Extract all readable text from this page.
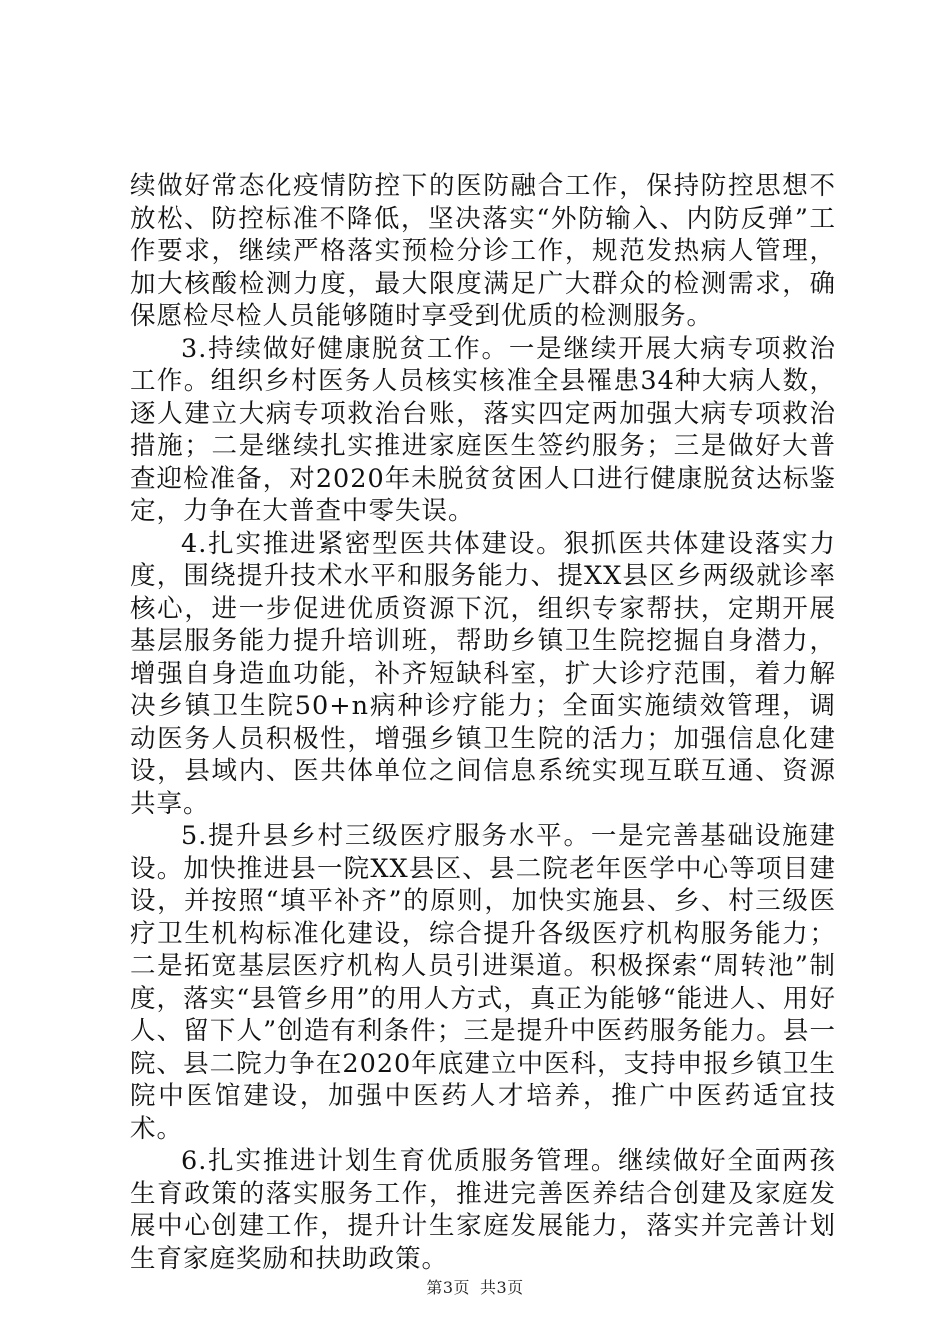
续做好常态化疫情防控下的医防融合工作，保持防控思想不放松、防控标准不降低，坚决落实“外防输入、内防反弹”工作要求，继续严格落实预检分诊工作，规范发热病人管理，加大核酸检测力度，最大限度满足广大群众的检测需求，确保愿检尽检人员能够随时享受到优质的检测服务。

3.持续做好健康脱贫工作。一是继续开展大病专项救治工作。组织乡村医务人员核实核准全县罹患34种大病人数，逐人建立大病专项救治台账，落实四定两加强大病专项救治措施；二是继续扎实推进家庭医生签约服务；三是做好大普查迎检准备，对2020年未脱贫贫困人口进行健康脱贫达标鉴定，力争在大普查中零失误。

4.扎实推进紧密型医共体建设。狠抓医共体建设落实力度，围绕提升技术水平和服务能力、提XX县区乡两级就诊率核心，进一步促进优质资源下沉，组织专家帮扶，定期开展基层服务能力提升培训班，帮助乡镇卫生院挖掘自身潜力，增强自身造血功能，补齐短缺科室，扩大诊疗范围，着力解决乡镇卫生院50+n病种诊疗能力；全面实施绩效管理，调动医务人员积极性，增强乡镇卫生院的活力；加强信息化建设，县域内、医共体单位之间信息系统实现互联互通、资源共享。

5.提升县乡村三级医疗服务水平。一是完善基础设施建设。加快推进县一院XX县区、县二院老年医学中心等项目建设，并按照“填平补齐”的原则，加快实施县、乡、村三级医疗卫生机构标准化建设，综合提升各级医疗机构服务能力；二是拓宽基层医疗机构人员引进渠道。积极探索“周转池”制度，落实“县管乡用”的用人方式，真正为能够“能进人、用好人、留下人”创造有利条件；三是提升中医药服务能力。县一院、县二院力争在2020年底建立中医科，支持申报乡镇卫生院中医馆建设，加强中医药人才培养，推广中医药适宜技术。

6.扎实推进计划生育优质服务管理。继续做好全面两孩生育政策的落实服务工作，推进完善医养结合创建及家庭发展中心创建工作，提升计生家庭发展能力，落实并完善计划生育家庭奖励和扶助政策。

第3页 共3页
